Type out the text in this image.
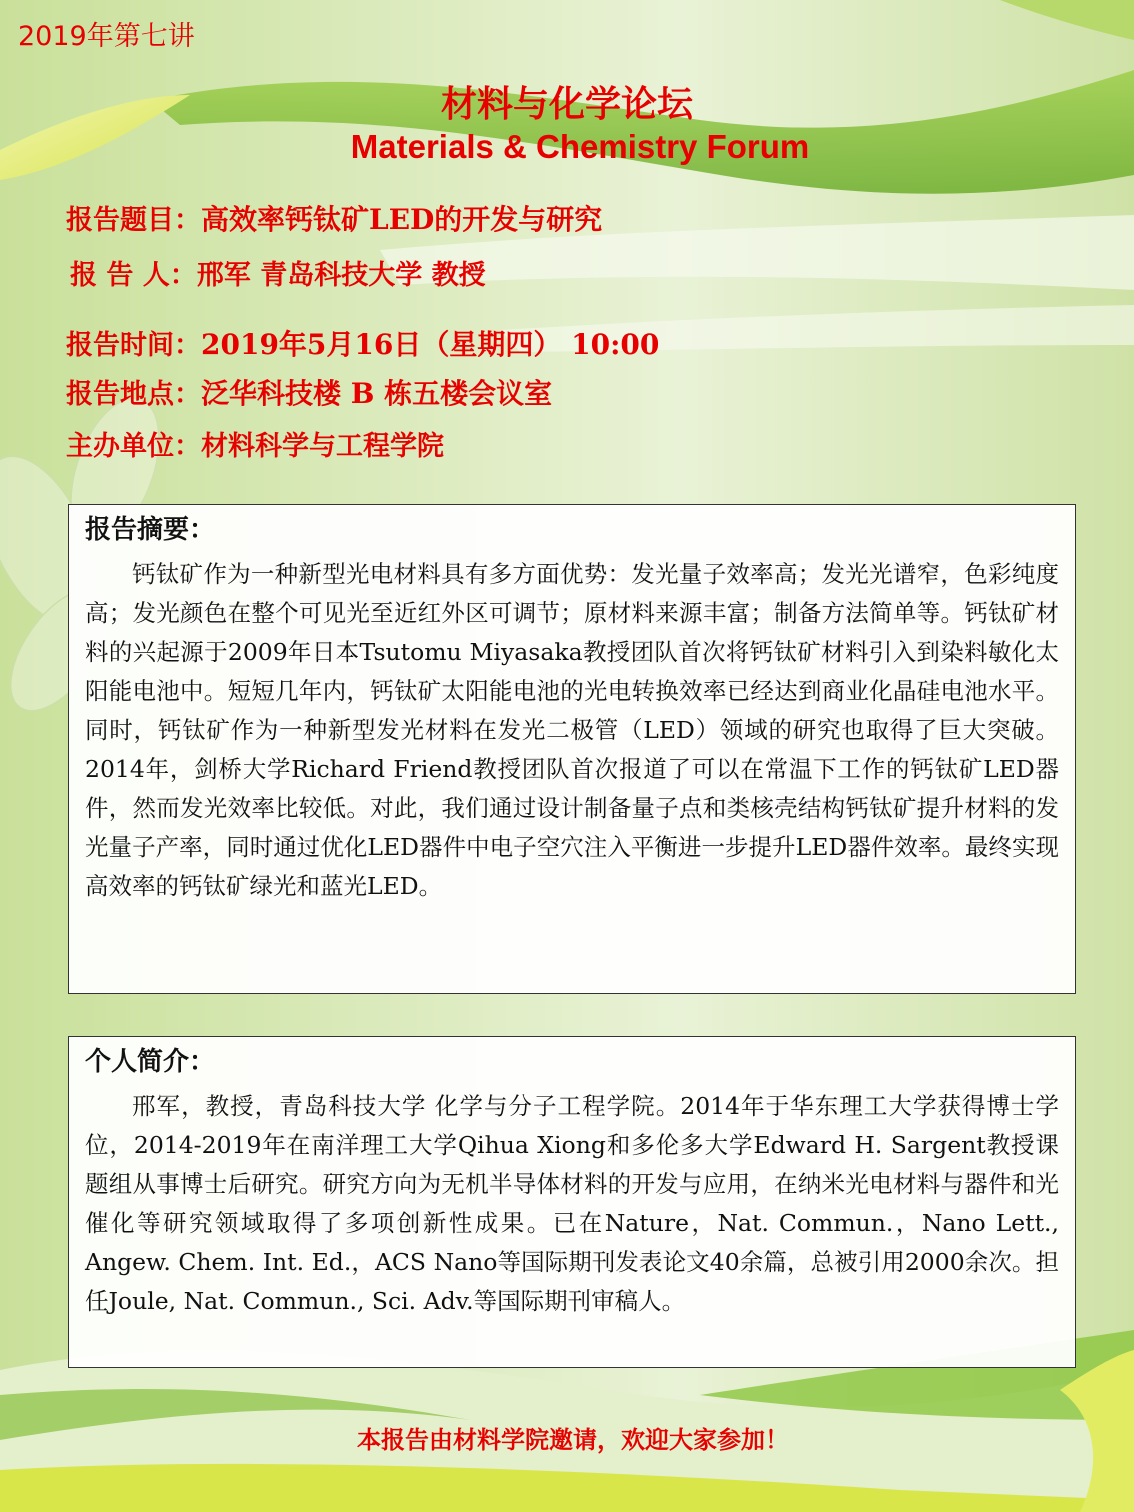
2019年第七讲
材料与化学论坛
Materials & Chemistry Forum
报告题目：高效率钙钛矿LED的开发与研究
报 告 人：邢军 青岛科技大学 教授
报告时间：2019年5月16日（星期四） 10:00
报告地点：泛华科技楼 B 栋五楼会议室
主办单位：材料科学与工程学院
报告摘要：

钙钛矿作为一种新型光电材料具有多方面优势：发光量子效率高；发光光谱窄，色彩纯度高；发光颜色在整个可见光至近红外区可调节；原材料来源丰富；制备方法简单等。钙钛矿材料的兴起源于2009年日本Tsutomu Miyasaka教授团队首次将钙钛矿材料引入到染料敏化太阳能电池中。短短几年内，钙钛矿太阳能电池的光电转换效率已经达到商业化晶硅电池水平。同时，钙钛矿作为一种新型发光材料在发光二极管（LED）领域的研究也取得了巨大突破。2014年，剑桥大学Richard Friend教授团队首次报道了可以在常温下工作的钙钛矿LED器件，然而发光效率比较低。对此，我们通过设计制备量子点和类核壳结构钙钛矿提升材料的发光量子产率，同时通过优化LED器件中电子空穴注入平衡进一步提升LED器件效率。最终实现高效率的钙钛矿绿光和蓝光LED。

个人简介：

邢军，教授，青岛科技大学 化学与分子工程学院。2014年于华东理工大学获得博士学位，2014-2019年在南洋理工大学Qihua Xiong和多伦多大学Edward H. Sargent教授课题组从事博士后研究。研究方向为无机半导体材料的开发与应用，在纳米光电材料与器件和光催化等研究领域取得了多项创新性成果。已在Nature，Nat. Commun.，Nano Lett., Angew. Chem. Int. Ed.，ACS Nano等国际期刊发表论文40余篇，总被引用2000余次。担任Joule, Nat. Commun., Sci. Adv.等国际期刊审稿人。

本报告由材料学院邀请，欢迎大家参加！
